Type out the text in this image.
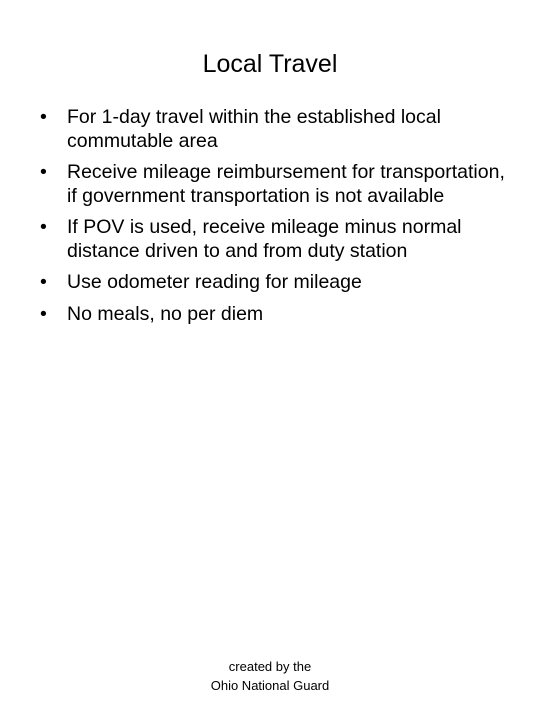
Local Travel
• For 1-day travel within the established local commutable area
• Receive mileage reimbursement for transportation, if government transportation is not available
• If POV is used, receive mileage minus normal distance driven to and from duty station
• Use odometer reading for mileage
• No meals, no per diem
created by the
Ohio National Guard
